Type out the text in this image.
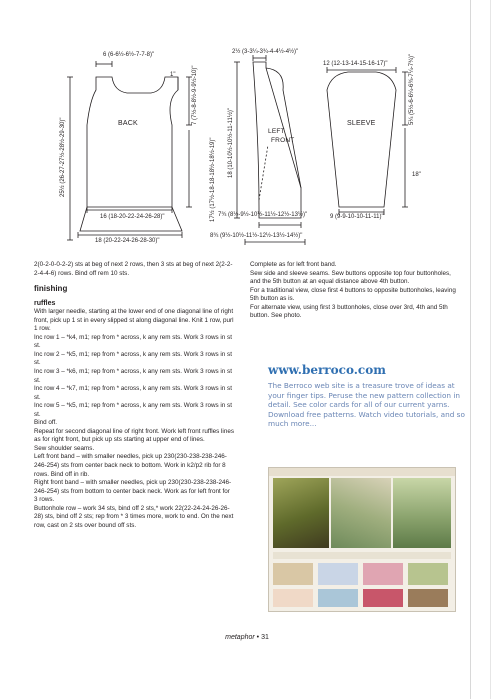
BACK
6 (6-6½-6½-7-7-8)"
1"
25½ (26-27-27½-28½-29-30)"
7 (7½-8-8½-9-9½-10)"
17½ (17½-18-18-18½-18½-19)"
16 (18-20-22-24-26-28)"
18 (20-22-24-26-28-30)"
LEFT
FRONT
2½ (3-3¼-3¾-4-4½-4½)"
18 (10-10½-10½-11-11½)"
7¾ (8½-9½-10½-11½-12½-13½)"
8¾ (9½-10½-11½-12½-13½-14½)"
SLEEVE
12 (12-13-14-15-16-17)"	5¼ (5½-6-6¼-6¾-7¼-7¾)"
18"
9 (9-9-10-10-11-11)"

2(0-2-0-0-2-2) sts at beg of next 2 rows, then 3 sts at beg of next 2(2-2-2-4-4-6) rows. Bind off rem 10 sts.

finishing
ruffles

With larger needle, starting at the lower end of one diagonal line of right front, pick up 1 st in every slipped st along diagonal line. Knit 1 row, purl 1 row.

Inc row 1 – *k4, m1; rep from * across, k any rem sts. Work 3 rows in st st.

Inc row 2 – *k5, m1; rep from * across, k any rem sts. Work 3 rows in st st.

Inc row 3 – *k6, m1; rep from * across, k any rem sts. Work 3 rows in st st.

Inc row 4 – *k7, m1; rep from * across, k any rem sts. Work 3 rows in st st.

Inc row 5 – *k5, m1; rep from * across, k any rem sts. Work 3 rows in st st.

Bind off.

Repeat for second diagonal line of right front. Work left front ruffles lines as for right front, but pick up sts starting at upper end of lines.

Sew shoulder seams.

Left front band – with smaller needles, pick up 230(230-238-238-246-246-254) sts from center back neck to bottom. Work in k2/p2 rib for 8 rows. Bind off in rib.

Right front band – with smaller needles, pick up 230(230-238-238-246-246-254) sts from bottom to center back neck. Work as for left front for 3 rows.

Buttonhole row – work 34 sts, bind off 2 sts,* work 22(22-24-24-26-26-28) sts, bind off 2 sts; rep from * 3 times more, work to end. On the next row, cast on 2 sts over bound off sts.

Complete as for left front band.

Sew side and sleeve seams. Sew buttons opposite top four buttonholes, and the 5th button at an equal distance above 4th button.

For a traditional view, close first 4 buttons to opposite buttonholes, leaving 5th button as is.

For alternate view, using first 3 buttonholes, close over 3rd, 4th and 5th button. See photo.

www.berroco.com
The Berroco web site is a treasure trove of ideas at your finger tips. Peruse the new pattern collection in detail. See color cards for all of our current yarns. Download free patterns. Watch video tutorials, and so much more...
metaphor • 31
